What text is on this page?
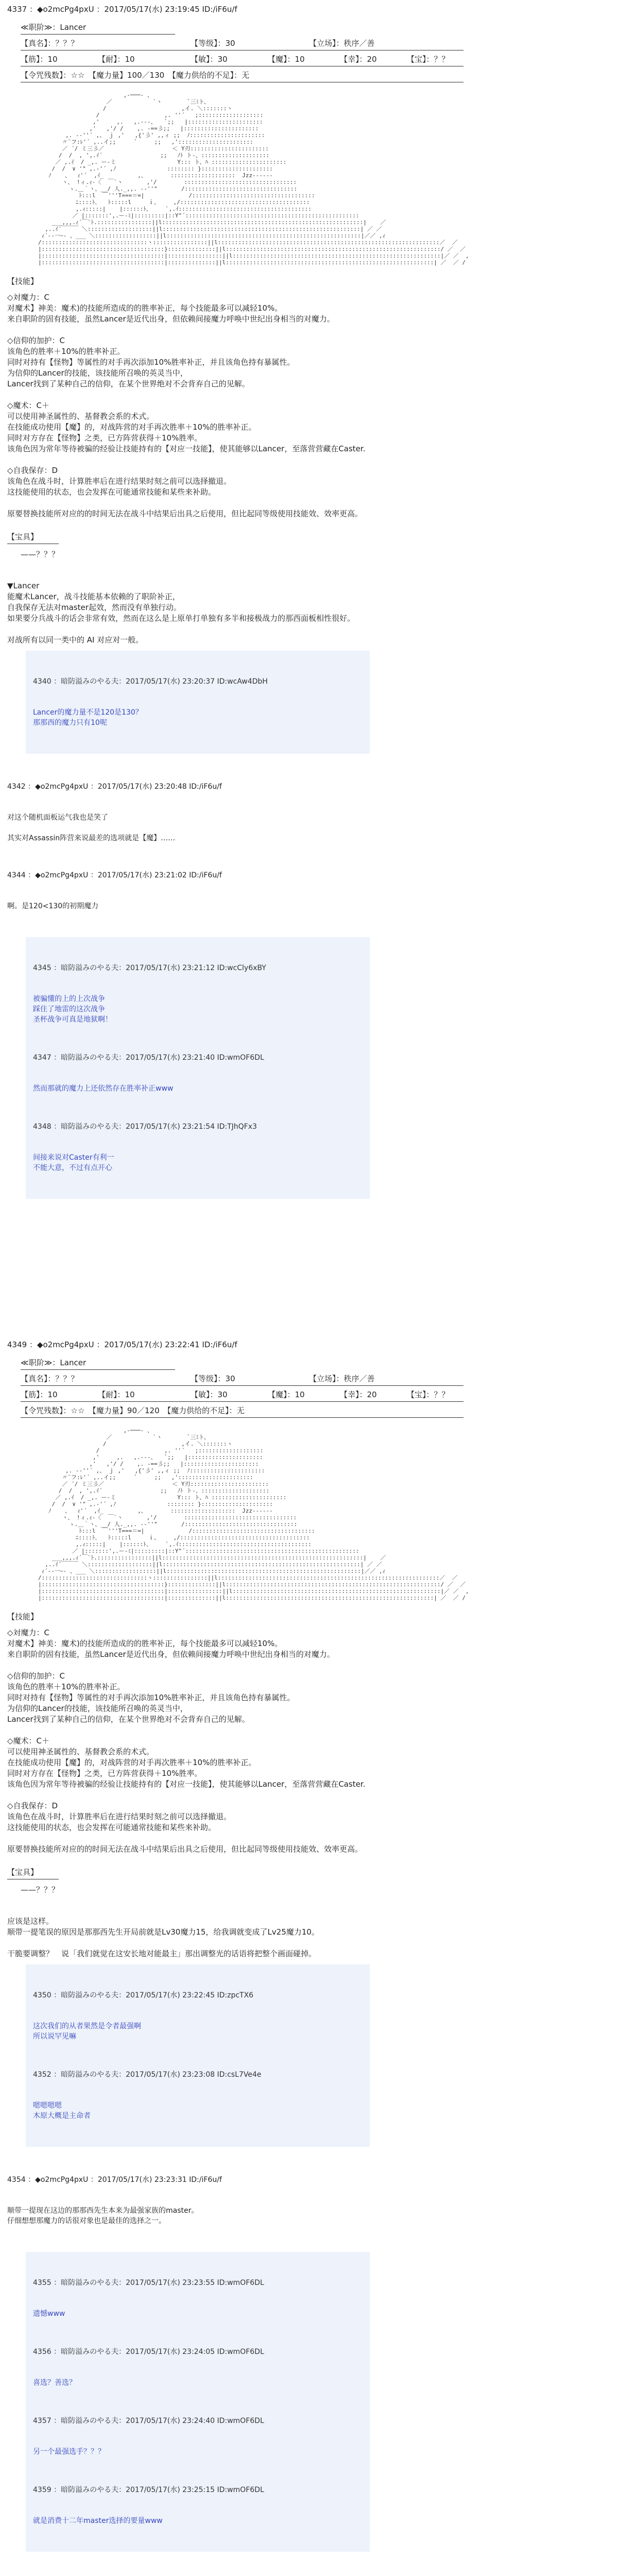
4337 ：◆o2mcPg4pxU ：2017/05/17(水) 23:19:45 ID:/iF6u/f
≪职阶≫：Lancer
【真名】：？？？	【等级】：30	【立场】：秩序／善
【筋】：10	【耐】：10	【敏】：30	【魔】：10	【幸】：20	【宝】：？？
【令咒残数】：☆☆　【魔力量】100／130　【魔力供给的不足】：无
,-───- 、
／            `ヽ        ﾞ三ﾐト、
/                      ,イ. ＼:::::::ヽ
/                   ,. ''´   ;:::::::::::::::::::
,'     ,.   ,.-‐-、   ﾞ;;   |::::::::::::::::::::::
,'   ,'/ /    ,. -==彡;;   |::::::::::::::::::::::
,. -‐''´ ,、 ｊ ,'   ,{'彡' ,,ィ ;;  ﾉ::::::::::::::::::::::
〃¨フ:ﾚ'´ ,..イ;;      ﾞ     ;;   ,'::::::::::::::::::::::
／ ´/ ミ三彡／                    ＜ Y刃:::::::::::::::::::::::
/  /  , ',.ｲ´                 ;;   ﾉﾄ ト-、::::::::::::::::::::
／ ,.ｲ  / _,. ー-ミ                  Y::: ト、ﾊ ::::::::::::::::::::::
/  /  ∨ '" ,.-'´ ,ﾉ               :::::::: }:::::::::::::::::::::
ﾉ    、  ｨ'´  ,ｲ_          ,、       :::::::::::::::::::  Jzz------
ヽ、 !ィ.ｨ‐〈  ￣`ヽ       ,'/        :::::::::::::::::::::::::::::::::
ゝ.＿｀ヽ、__/ 人._,,. -‐''"       /:::::::::::::::::::::::::::::::::
ﾄ:::l  ￣'''T===＝=|             /::::::::::::::::::::::::::::::::::::
ﾆ::::ﾄ､   ﾄ:::::l     ｉ、    ,/::::::::::::::::::::::::::::::::::::::
,.ｨ:::::|    |::::::ﾄ、    `,.ｲ:::::::::::::::::::::::::::::::::::::::
／ |:::::::',.ー-ﾐ|:::::::::|::Y"´:::::::::::::::::::::::::::::::::::::::::::::::::::
___,,,.ｨ´￣`ﾄ.::::::::::::::::||l:::::::::::::::::::::::::::::::::::::::::::::::::::::::::::|    ／
,..ｲ´￣￣￣ ＼:::::::::::::::::::||l::::::::::::::::::::::::::::::::::::::::::::::::::::::::::| ／ ／
ｨ´-‐一ｰ- 、___ ＼::::::::::::::::::||l:::::::::::::::::::::::::::::::::::::::::::::::::::::::::|／／ ,ｨ
/:::::::::::::::::::::::::::::::ヽ::::::::::::::::||l:::::::::::::::::::::::::::::::::::::::::::::::::::::::::::::::::／  ／
|::::::::::::::::::::::::::::::::::::}::::::::::::::||l:::::::::::::::::::::::::::::::::::::::::::::::::::::::::::::::/ ／  ／
|::::::::::::::::::::::::::::::::::::|::::::::::::::::||l:::::::::::::::::::::::::::::::::::::::::::::::::::::::::::::|／ ／  ,
|::::::::::::::::::::::::::::::::::::|::::::::::::::||l:::::::::::::::::::::::::::::::::::::::::::::::::::::::::::::| ／  ／ /
【技能】
◇対魔力：C
对魔术】神美：魔术)的技能所造成的的胜率补正，每个技能最多可以减轻10%。
来自职阶的固有技能，虽然Lancer是近代出身，但依赖间接魔力呼唤中世纪出身相当的对魔力。

◇信仰的加护：C
该角色的胜率＋10%的胜率补正。
同时对持有【怪物】等属性的对手再次添加10%胜率补正，并且该角色持有暴属性。
为信仰的Lancer的技能，该技能所召唤的英灵当中，
Lancer找到了某种自己的信仰，在某个世界绝对不会背弃自己的见解。

◇魔术：C＋
可以使用神圣属性的、基督教会系的术式。
在技能成功使用【魔】的，对战阵营的对手再次胜率＋10%的胜率补正。
同时对方存在【怪物】之类，已方阵营获得＋10%胜率。
该角色因为常年等待被骗的经验让技能持有的【对应一技能】，使其能够以Lancer，至落营营藏在Caster.

◇自我保存：D
该角色在战斗时，计算胜率后在进行结果时刻之前可以选择撤退。
这技能使用的状态，也会发挥在可能通常技能和某些来补助。

原要替换技能所对应的的时间无法在战斗中结果后出具之后使用，但比起同等级使用技能效、效率更高。
【宝具】
——？？？
▼Lancer
能魔术Lancer，战斗技能基本依赖的了职阶补正，
自我保存无法对master起效，然而没有单独行动。
如果要分兵战斗的话会非常有效，然而在这么是上原单打单独有多半和接极战力的那西面板相性很好。

对战所有以同一类中的 AI 对应对一般。

4340 ：暗防溢みのやる夫：2017/05/17(水) 23:20:37 ID:wcAw4DbH

Lancer的魔力量不是120是130？
那那西的魔力只有10呢

4342 ：◆o2mcPg4pxU ：2017/05/17(水) 23:20:48 ID:/iF6u/f

对这个随机面板运气我也是笑了

其实对Assassin阵营来说最差的选项就是【魔】……

4344 ：◆o2mcPg4pxU ：2017/05/17(水) 23:21:02 ID:/iF6u/f

啊。是120<130的初期魔力

4345 ：暗防溢みのやる夫：2017/05/17(水) 23:21:12 ID:wcCly6xBY

被骗懂的上的上次战争
踩住了地雷的这次战争
圣杯战争可真是地狱啊！

4347 ：暗防溢みのやる夫：2017/05/17(水) 23:21:40 ID:wmOF6DL

然而那就的魔力上还依然存在胜率补正www

4348 ：暗防溢みのやる夫：2017/05/17(水) 23:21:54 ID:TJhQFx3

间接来说对Caster有利一
不能大意，不过有点开心

4349 ：◆o2mcPg4pxU ：2017/05/17(水) 23:22:41 ID:/iF6u/f
≪职阶≫：Lancer
【真名】：？？？	【等级】：30	【立场】：秩序／善
【筋】：10	【耐】：10	【敏】：30	【魔】：10	【幸】：20	【宝】：？？
【令咒残数】：☆☆　【魔力量】90／120　【魔力供给的不足】：无
,-───- 、
／            `ヽ        ﾞ三ﾐト、
/                      ,イ. ＼:::::::ヽ
/                   ,. ''´   ;:::::::::::::::::::
,'     ,.   ,.-‐-、   ﾞ;;   |::::::::::::::::::::::
,'   ,'/ /    ,. -==彡;;   |::::::::::::::::::::::
,. -‐''´ ,、 ｊ ,'   ,{'彡' ,,ィ ;;  ﾉ::::::::::::::::::::::
〃¨フ:ﾚ'´ ,..イ;;      ﾞ     ;;   ,'::::::::::::::::::::::
／ ´/ ミ三彡／                    ＜ Y刃:::::::::::::::::::::::
/  /  , ',.ｲ´                 ;;   ﾉﾄ ト-、::::::::::::::::::::
／ ,.ｲ  / _,. ー-ミ                  Y::: ト、ﾊ ::::::::::::::::::::::
/  /  ∨ '" ,.-'´ ,ﾉ               :::::::: }:::::::::::::::::::::
ﾉ    、  ｨ'´  ,ｲ_          ,、       :::::::::::::::::::  Jzz------
ヽ、 !ィ.ｨ‐〈  ￣`ヽ       ,'/        :::::::::::::::::::::::::::::::::
ゝ.＿｀ヽ、__/ 人._,,. -‐''"       /:::::::::::::::::::::::::::::::::
ﾄ:::l  ￣'''T===＝=|             /::::::::::::::::::::::::::::::::::::
ﾆ::::ﾄ､   ﾄ:::::l     ｉ、    ,/::::::::::::::::::::::::::::::::::::::
,.ｨ:::::|    |::::::ﾄ、    `,.ｲ:::::::::::::::::::::::::::::::::::::::
／ |:::::::',.ー-ﾐ|:::::::::|::Y"´:::::::::::::::::::::::::::::::::::::::::::::::::::
___,,,.ｨ´￣`ﾄ.::::::::::::::::||l:::::::::::::::::::::::::::::::::::::::::::::::::::::::::::|    ／
,..ｲ´￣￣￣ ＼:::::::::::::::::::||l::::::::::::::::::::::::::::::::::::::::::::::::::::::::::| ／ ／
ｨ´-‐一ｰ- 、___ ＼::::::::::::::::::||l:::::::::::::::::::::::::::::::::::::::::::::::::::::::::|／／ ,ｨ
/:::::::::::::::::::::::::::::::ヽ::::::::::::::::||l:::::::::::::::::::::::::::::::::::::::::::::::::::::::::::::::::／  ／
|::::::::::::::::::::::::::::::::::::}::::::::::::::||l:::::::::::::::::::::::::::::::::::::::::::::::::::::::::::::::/ ／  ／
|::::::::::::::::::::::::::::::::::::|::::::::::::::::||l:::::::::::::::::::::::::::::::::::::::::::::::::::::::::::::|／ ／  ,
|::::::::::::::::::::::::::::::::::::|::::::::::::::||l:::::::::::::::::::::::::::::::::::::::::::::::::::::::::::::| ／  ／ /
【技能】
◇対魔力：C
对魔术】神美：魔术)的技能所造成的的胜率补正，每个技能最多可以减轻10%。
来自职阶的固有技能，虽然Lancer是近代出身，但依赖间接魔力呼唤中世纪出身相当的对魔力。

◇信仰的加护：C
该角色的胜率＋10%的胜率补正。
同时对持有【怪物】等属性的对手再次添加10%胜率补正，并且该角色持有暴属性。
为信仰的Lancer的技能，该技能所召唤的英灵当中，
Lancer找到了某种自己的信仰，在某个世界绝对不会背弃自己的见解。

◇魔术：C＋
可以使用神圣属性的、基督教会系的术式。
在技能成功使用【魔】的，对战阵营的对手再次胜率＋10%的胜率补正。
同时对方存在【怪物】之类，已方阵营获得＋10%胜率。
该角色因为常年等待被骗的经验让技能持有的【对应一技能】，使其能够以Lancer，至落营营藏在Caster.

◇自我保存：D
该角色在战斗时，计算胜率后在进行结果时刻之前可以选择撤退。
这技能使用的状态，也会发挥在可能通常技能和某些来补助。

原要替换技能所对应的的时间无法在战斗中结果后出具之后使用，但比起同等级使用技能效、效率更高。
【宝具】
——？？？
应该是这样。
顺带一提笔误的原因是那那西先生开局前就是Lv30魔力15，给我调就变成了Lv25魔力10。

干脆要调整？　说「我们就觉在这安长地对能最主」那出调整光的话语将把整个画面碰掉。

4350 ：暗防溢みのやる夫：2017/05/17(水) 23:22:45 ID:zpcTX6

这次我们的从者果然是令者最强啊
所以说罕见嘛

4352 ：暗防溢みのやる夫：2017/05/17(水) 23:23:08 ID:csL7Ve4e

嗯嗯嗯嗯
木原大概是主命者

4354 ：◆o2mcPg4pxU ：2017/05/17(水) 23:23:31 ID:/iF6u/f

顺带一提现在这边的那那西先生本来为最强家族的master。
仔细想想那魔力的话很对象也是最佳的选择之一。

4355 ：暗防溢みのやる夫：2017/05/17(水) 23:23:55 ID:wmOF6DL

遗憾www

4356 ：暗防溢みのやる夫：2017/05/17(水) 23:24:05 ID:wmOF6DL

喜选？善选？

4357 ：暗防溢みのやる夫：2017/05/17(水) 23:24:40 ID:wmOF6DL

另一个最强选手？？？

4359 ：暗防溢みのやる夫：2017/05/17(水) 23:25:15 ID:wmOF6DL

就是消费十二年master选择的要量www
